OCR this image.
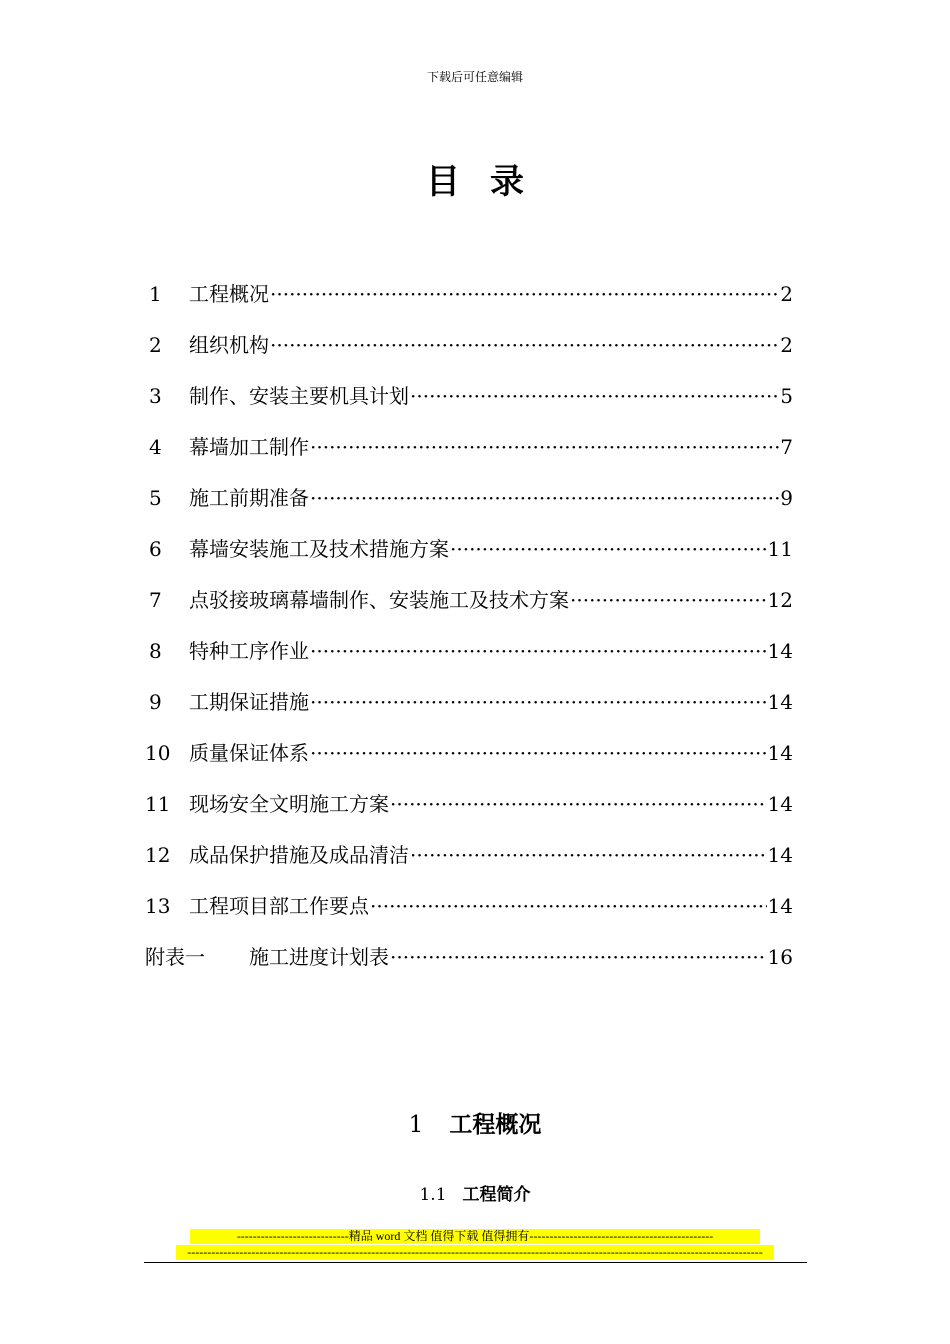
下载后可任意编辑
目录
1	工程概况 ·····	2
2	组织机构 ·····	2
3	制作、安装主要机具计划 ·····	5
4	幕墙加工制作 ·····	7
5	施工前期准备 ·····	9
6	幕墙安装施工及技术措施方案 ·····	11
7	点驳接玻璃幕墙制作、安装施工及技术方案 ·····	12
8	特种工序作业 ·····	14
9	工期保证措施 ·····	14
10 质量保证体系 ·····	14
11 现场安全文明施工方案 ·····	14
12 成品保护措施及成品清洁 ·····	14
13 工程项目部工作要点 ·····	14
附表一	施工进度计划表 ·····	16
1 工程概况
1.1 工程简介
----------------------------精品 word 文档 值得下载 值得拥有----------------------------------------------
------------------------------------------------------------------------------------------------------------------------------------------------
